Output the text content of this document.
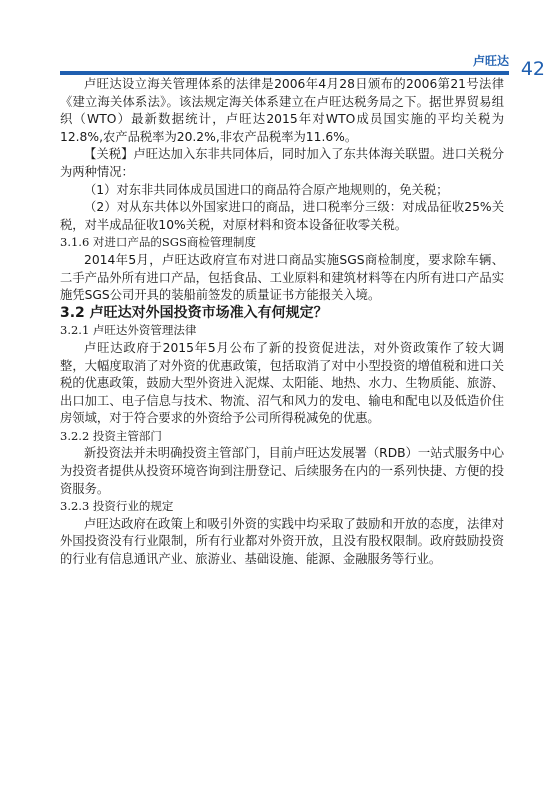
卢旺达 42

卢旺达设立海关管理体系的法律是2006年4月28日颁布的2006第21号法律《建立海关体系法》。该法规定海关体系建立在卢旺达税务局之下。据世界贸易组织（WTO）最新数据统计，卢旺达2015年对WTO成员国实施的平均关税为12.8%,农产品税率为20.2%,非农产品税率为11.6%。

【关税】卢旺达加入东非共同体后，同时加入了东共体海关联盟。进口关税分为两种情况：

（1）对东非共同体成员国进口的商品符合原产地规则的，免关税；

（2）对从东共体以外国家进口的商品，进口税率分三级：对成品征收25%关税，对半成品征收10%关税，对原材料和资本设备征收零关税。

3.1.6 对进口产品的SGS商检管理制度

2014年5月，卢旺达政府宣布对进口商品实施SGS商检制度，要求除车辆、二手产品外所有进口产品，包括食品、工业原料和建筑材料等在内所有进口产品实施凭SGS公司开具的装船前签发的质量证书方能报关入境。

3.2 卢旺达对外国投资市场准入有何规定？

3.2.1 卢旺达外资管理法律

卢旺达政府于2015年5月公布了新的投资促进法，对外资政策作了较大调整，大幅度取消了对外资的优惠政策，包括取消了对中小型投资的增值税和进口关税的优惠政策，鼓励大型外资进入泥煤、太阳能、地热、水力、生物质能、旅游、出口加工、电子信息与技术、物流、沼气和风力的发电、输电和配电以及低造价住房领域，对于符合要求的外资给予公司所得税减免的优惠。

3.2.2 投资主管部门

新投资法并未明确投资主管部门，目前卢旺达发展署（RDB）一站式服务中心为投资者提供从投资环境咨询到注册登记、后续服务在内的一系列快捷、方便的投资服务。

3.2.3 投资行业的规定

卢旺达政府在政策上和吸引外资的实践中均采取了鼓励和开放的态度，法律对外国投资没有行业限制，所有行业都对外资开放，且没有股权限制。政府鼓励投资的行业有信息通讯产业、旅游业、基础设施、能源、金融服务等行业。
